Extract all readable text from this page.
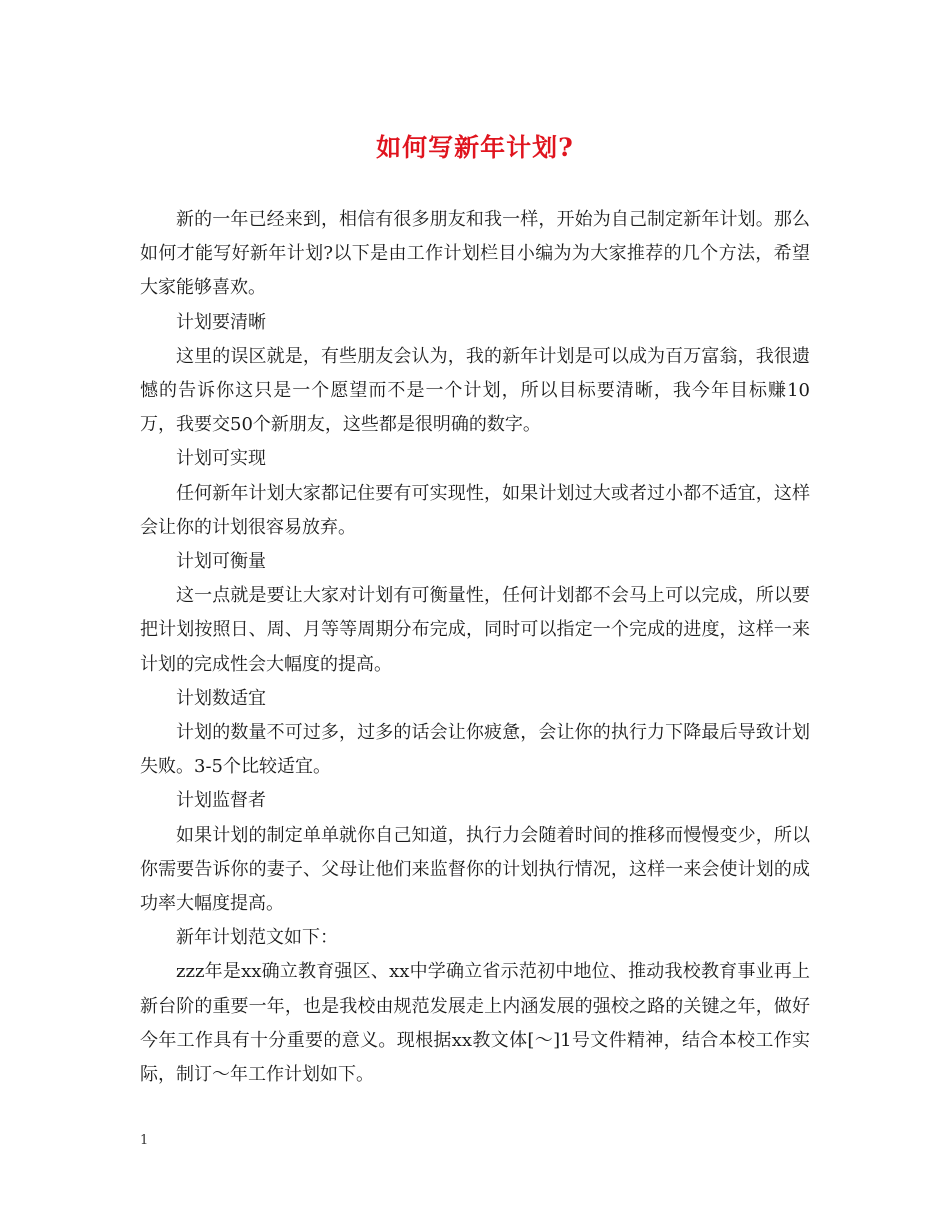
如何写新年计划?

新的一年已经来到，相信有很多朋友和我一样，开始为自己制定新年计划。那么如何才能写好新年计划?以下是由工作计划栏目小编为为大家推荐的几个方法，希望大家能够喜欢。

计划要清晰

这里的误区就是，有些朋友会认为，我的新年计划是可以成为百万富翁，我很遗憾的告诉你这只是一个愿望而不是一个计划，所以目标要清晰，我今年目标赚10万，我要交50个新朋友，这些都是很明确的数字。

计划可实现

任何新年计划大家都记住要有可实现性，如果计划过大或者过小都不适宜，这样会让你的计划很容易放弃。

计划可衡量

这一点就是要让大家对计划有可衡量性，任何计划都不会马上可以完成，所以要把计划按照日、周、月等等周期分布完成，同时可以指定一个完成的进度，这样一来计划的完成性会大幅度的提高。

计划数适宜

计划的数量不可过多，过多的话会让你疲惫，会让你的执行力下降最后导致计划失败。3-5个比较适宜。

计划监督者

如果计划的制定单单就你自己知道，执行力会随着时间的推移而慢慢变少，所以你需要告诉你的妻子、父母让他们来监督你的计划执行情况，这样一来会使计划的成功率大幅度提高。

新年计划范文如下：

zzz年是xx确立教育强区、xx中学确立省示范初中地位、推动我校教育事业再上新台阶的重要一年，也是我校由规范发展走上内涵发展的强校之路的关键之年，做好今年工作具有十分重要的意义。现根据xx教文体[～]1号文件精神，结合本校工作实际，制订～年工作计划如下。

1
